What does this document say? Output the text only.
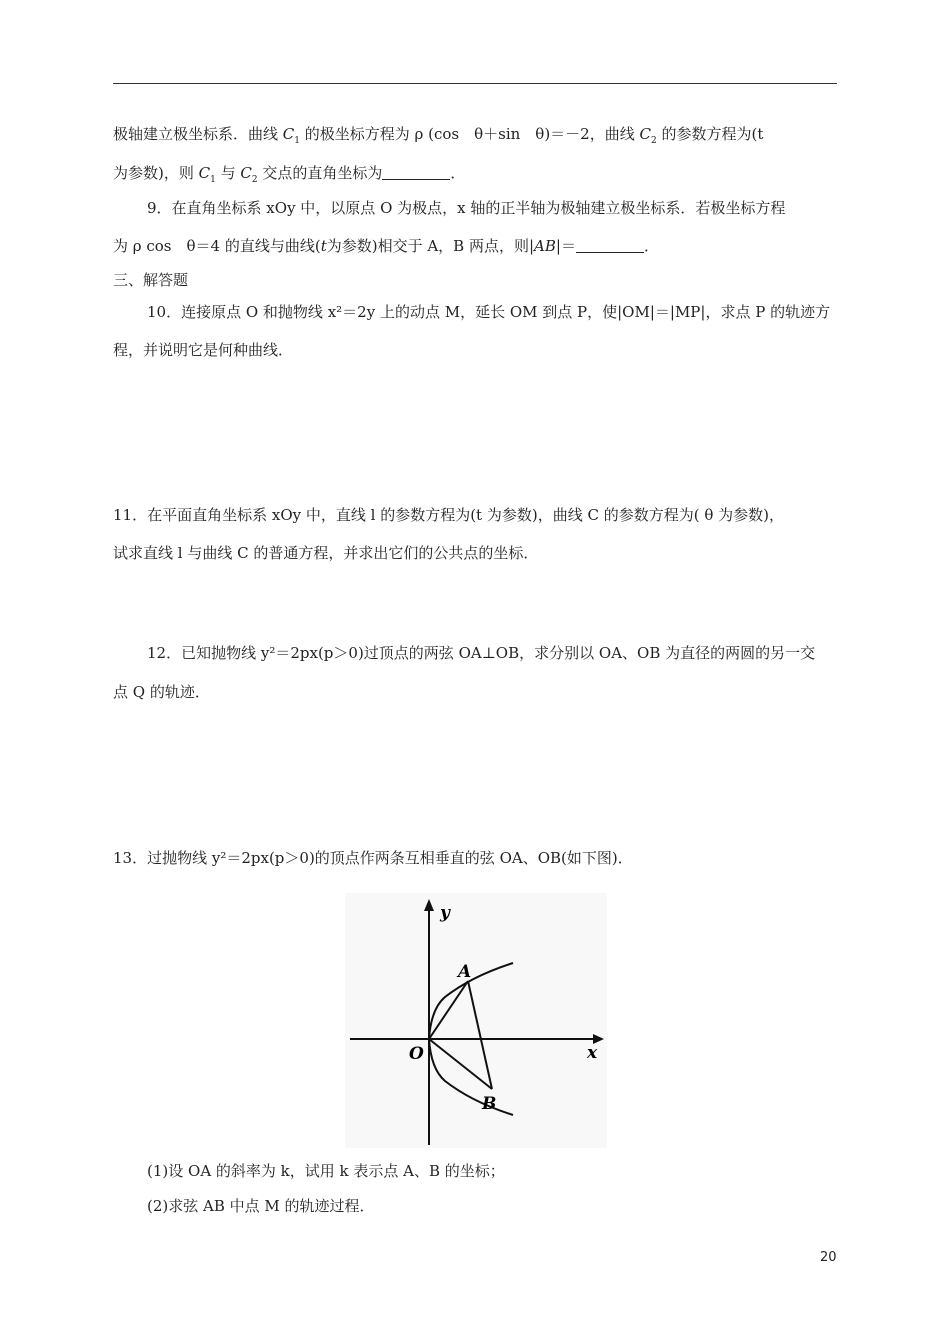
极轴建立极坐标系．曲线 $C_1$ 的极坐标方程为 ρ (cos　θ＋sin　θ)＝－2，曲线 $C_2$ 的参数方程为(t
为参数)，则 $C_1$ 与 $C_2$ 交点的直角坐标为	．
9．在直角坐标系 xOy 中，以原点 O 为极点，x 轴的正半轴为极轴建立极坐标系．若极坐标方程
为 ρ cos　θ＝4 的直线与曲线(t为参数)相交于 A，B 两点，则|AB|＝	．
三、解答题
10．连接原点 O 和抛物线 x²＝2y 上的动点 M，延长 OM 到点 P，使|OM|＝|MP|，求点 P 的轨迹方
程，并说明它是何种曲线．
11．在平面直角坐标系 xOy 中，直线 l 的参数方程为(t 为参数)，曲线 C 的参数方程为( θ 为参数)，
试求直线 l 与曲线 C 的普通方程，并求出它们的公共点的坐标．
12．已知抛物线 y²＝2px(p＞0)过顶点的两弦 OA⊥OB，求分别以 OA、OB 为直径的两圆的另一交
点 Q 的轨迹．
13．过抛物线 y²＝2px(p＞0)的顶点作两条互相垂直的弦 OA、OB(如下图)．
y
x
O
A
B
(1)设 OA 的斜率为 k，试用 k 表示点 A、B 的坐标；
(2)求弦 AB 中点 M 的轨迹过程．
20
